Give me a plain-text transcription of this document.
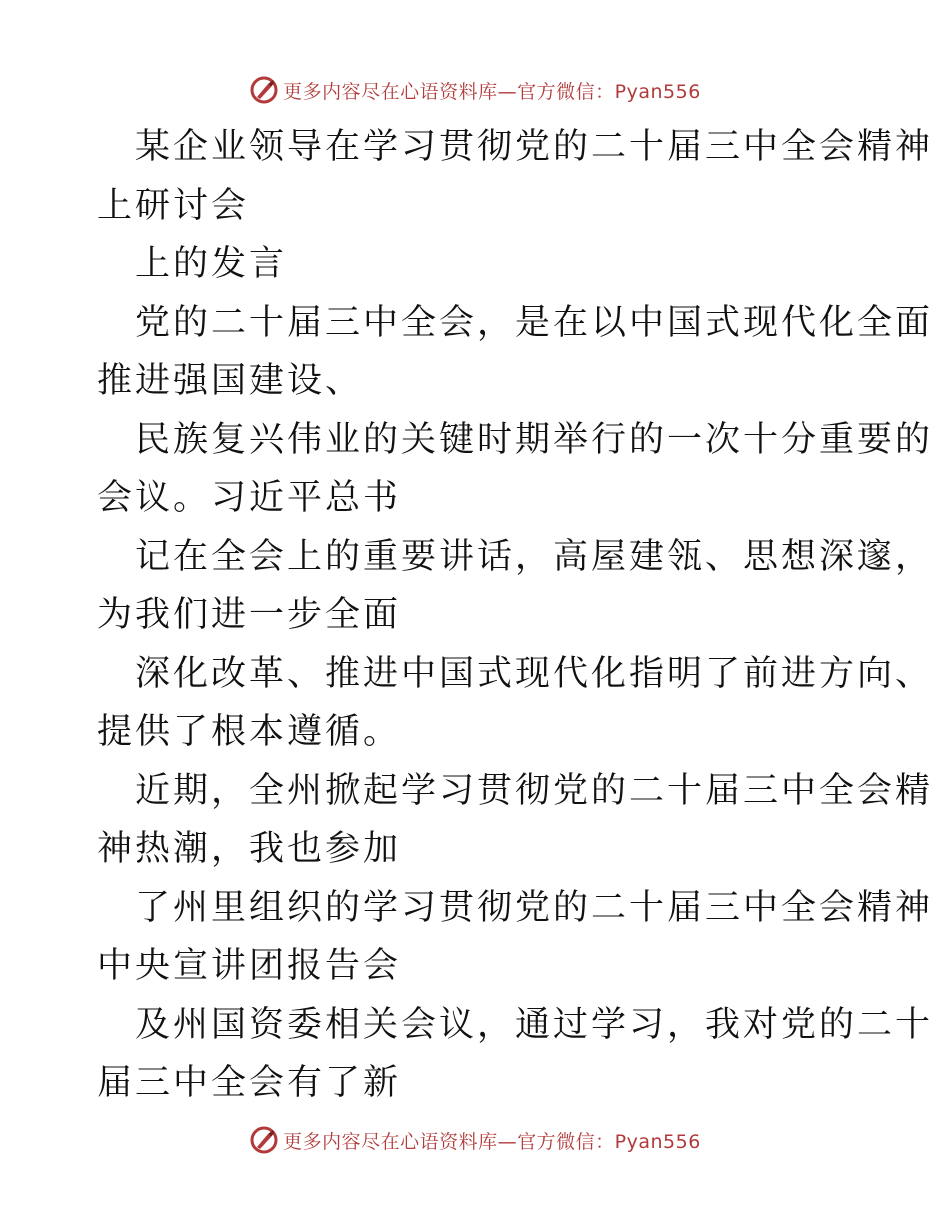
更多内容尽在心语资料库—官方微信：Pyan556
某企业领导在学习贯彻党的二十届三中全会精神
上研讨会
上的发言
党的二十届三中全会，是在以中国式现代化全面
推进强国建设、
民族复兴伟业的关键时期举行的一次十分重要的
会议。习近平总书
记在全会上的重要讲话，高屋建瓴、思想深邃，
为我们进一步全面
深化改革、推进中国式现代化指明了前进方向、
提供了根本遵循。
近期，全州掀起学习贯彻党的二十届三中全会精
神热潮，我也参加
了州里组织的学习贯彻党的二十届三中全会精神
中央宣讲团报告会
及州国资委相关会议，通过学习，我对党的二十
届三中全会有了新
更多内容尽在心语资料库—官方微信：Pyan556
